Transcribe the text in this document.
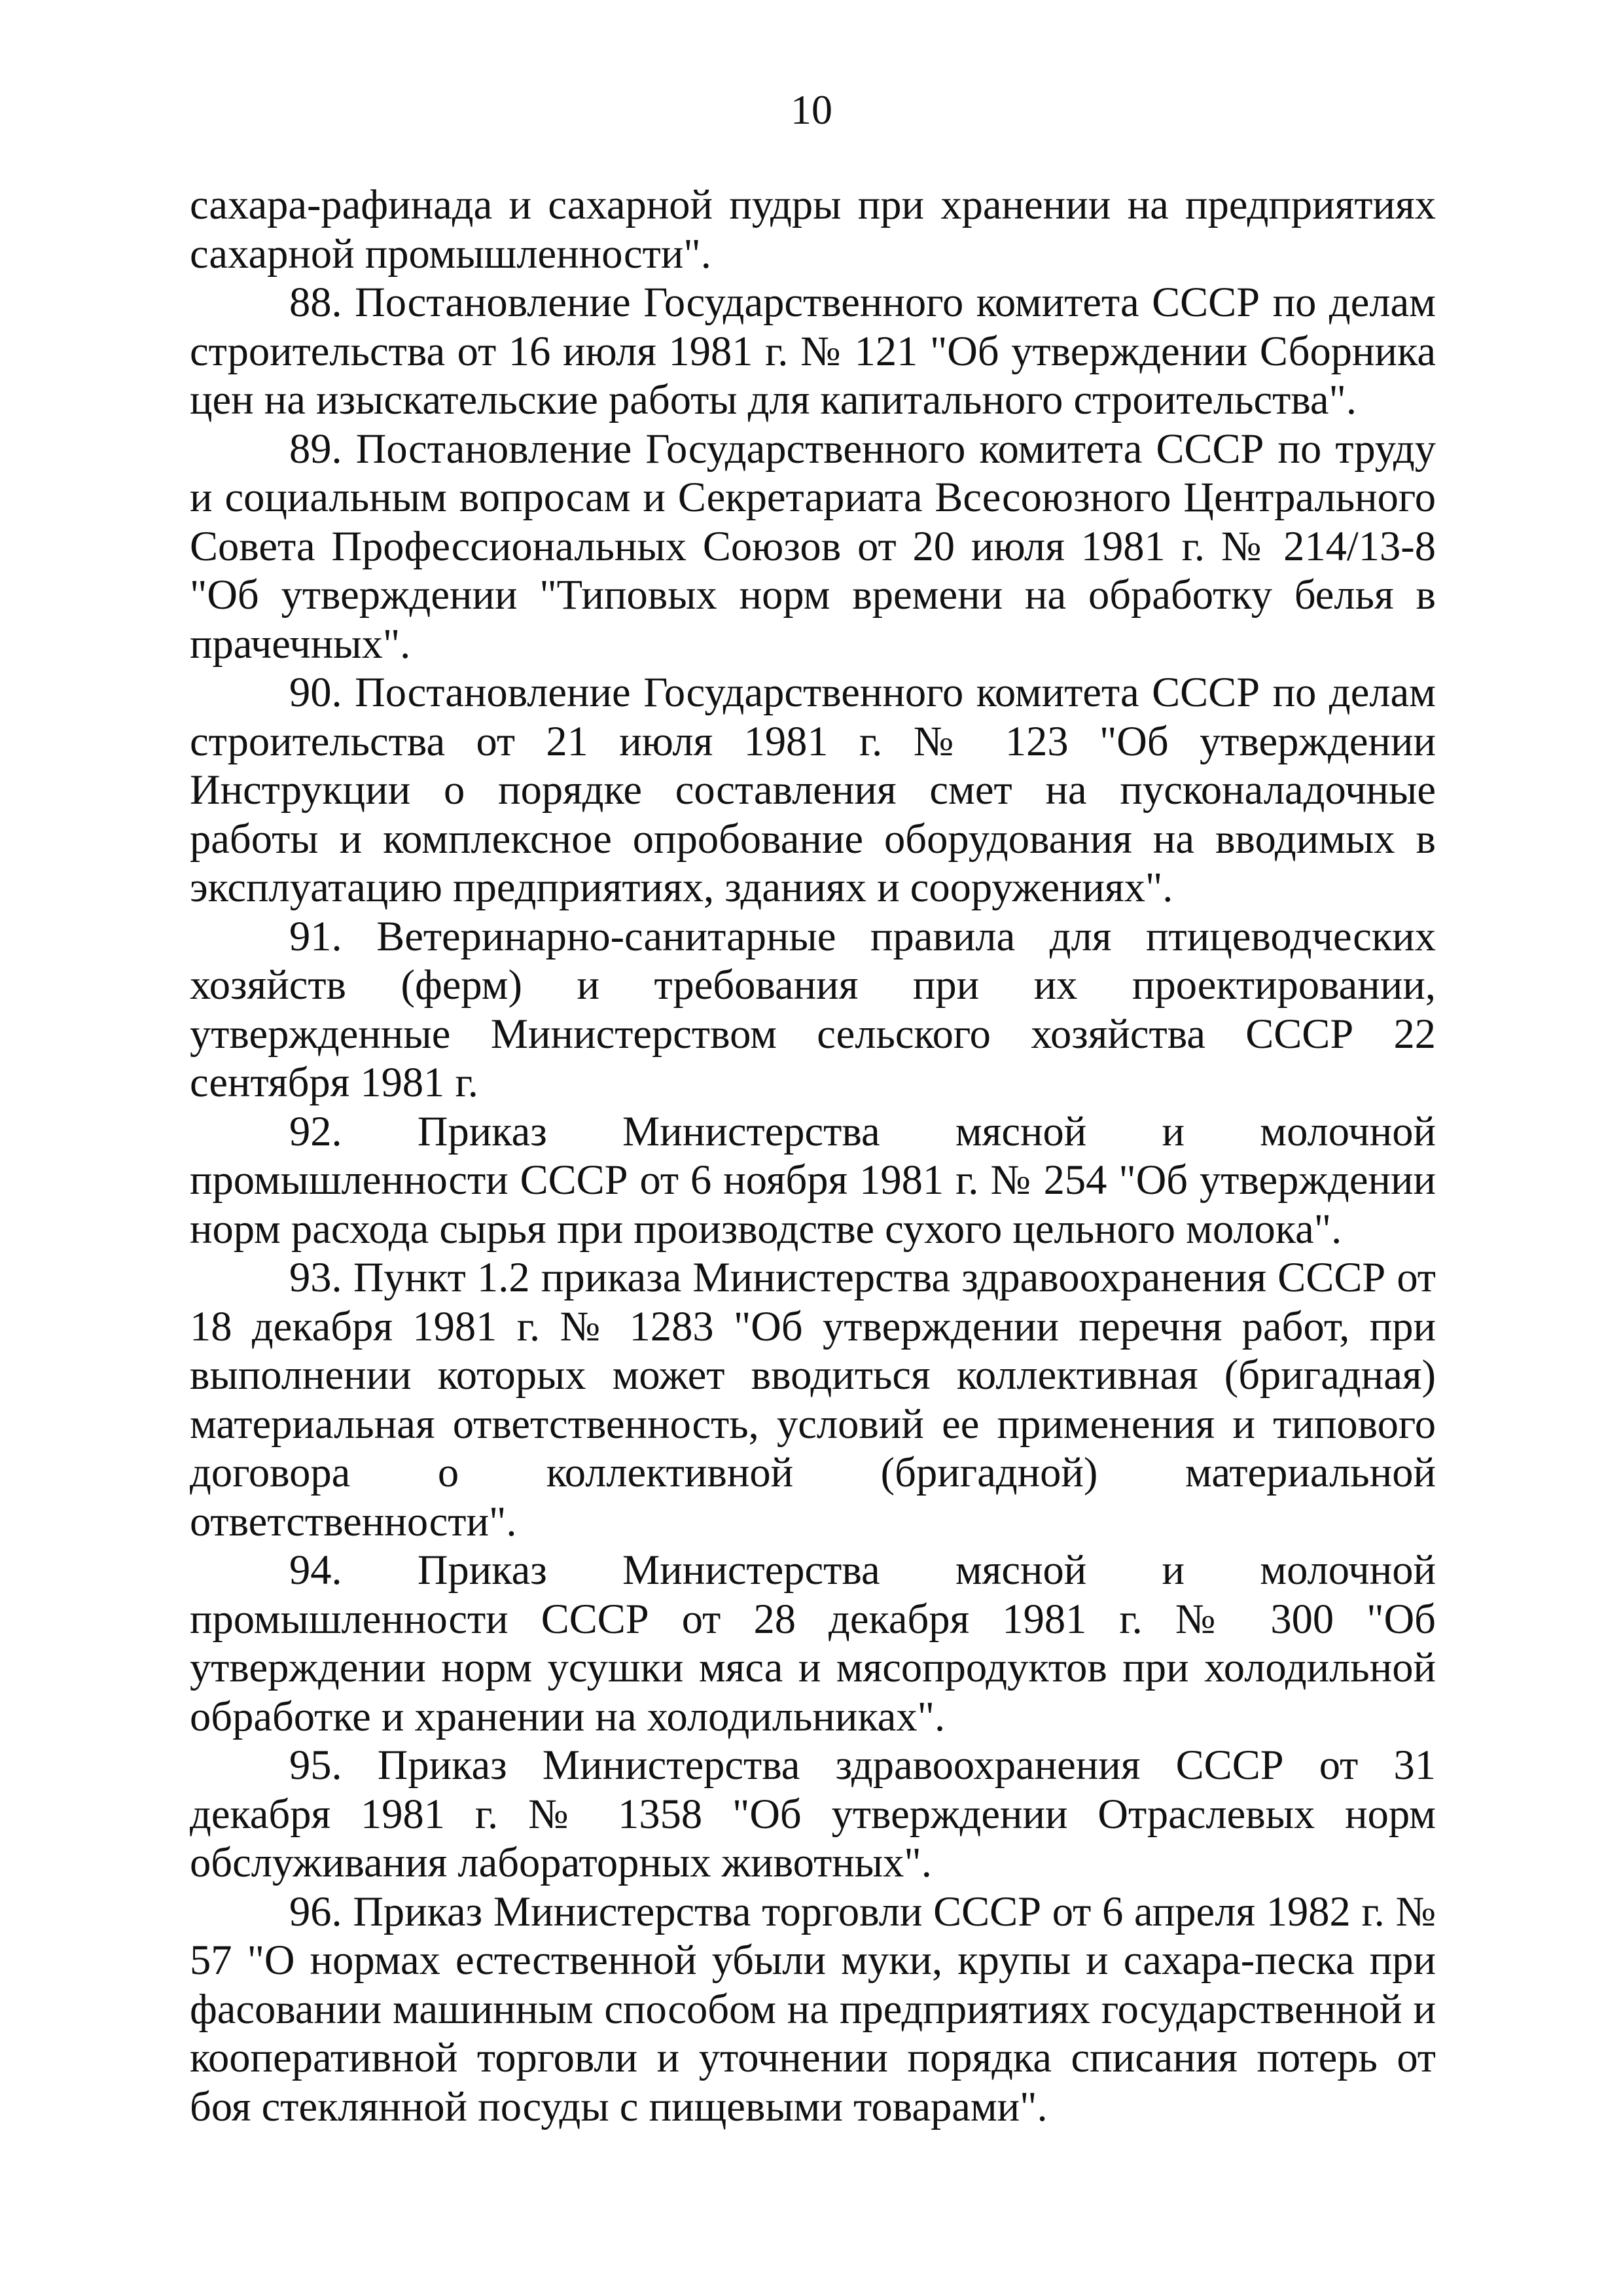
10

сахара-рафинада и сахарной пудры при хранении на предприятиях сахарной промышленности".

88. Постановление Государственного комитета СССР по делам строительства от 16 июля 1981 г. № 121 "Об утверждении Сборника цен на изыскательские работы для капитального строительства".

89. Постановление Государственного комитета СССР по труду и социальным вопросам и Секретариата Всесоюзного Центрального Совета Профессиональных Союзов от 20 июля 1981 г. № 214/13-8 "Об утверждении "Типовых норм времени на обработку белья в прачечных".

90. Постановление Государственного комитета СССР по делам строительства от 21 июля 1981 г. № 123 "Об утверждении Инструкции о порядке составления смет на пусконаладочные работы и комплексное опробование оборудования на вводимых в эксплуатацию предприятиях, зданиях и сооружениях".

91. Ветеринарно-санитарные правила для птицеводческих хозяйств (ферм) и требования при их проектировании, утвержденные Министерством сельского хозяйства СССР 22 сентября 1981 г.

92. Приказ Министерства мясной и молочной промышленности СССР от 6 ноября 1981 г. № 254 "Об утверждении норм расхода сырья при производстве сухого цельного молока".

93. Пункт 1.2 приказа Министерства здравоохранения СССР от 18 декабря 1981 г. № 1283 "Об утверждении перечня работ, при выполнении которых может вводиться коллективная (бригадная) материальная ответственность, условий ее применения и типового договора о коллективной (бригадной) материальной ответственности".

94. Приказ Министерства мясной и молочной промышленности СССР от 28 декабря 1981 г. № 300 "Об утверждении норм усушки мяса и мясопродуктов при холодильной обработке и хранении на холодильниках".

95. Приказ Министерства здравоохранения СССР от 31 декабря 1981 г. № 1358 "Об утверждении Отраслевых норм обслуживания лабораторных животных".

96. Приказ Министерства торговли СССР от 6 апреля 1982 г. № 57 "О нормах естественной убыли муки, крупы и сахара-песка при фасовании машинным способом на предприятиях государственной и кооперативной торговли и уточнении порядка списания потерь от боя стеклянной посуды с пищевыми товарами".
